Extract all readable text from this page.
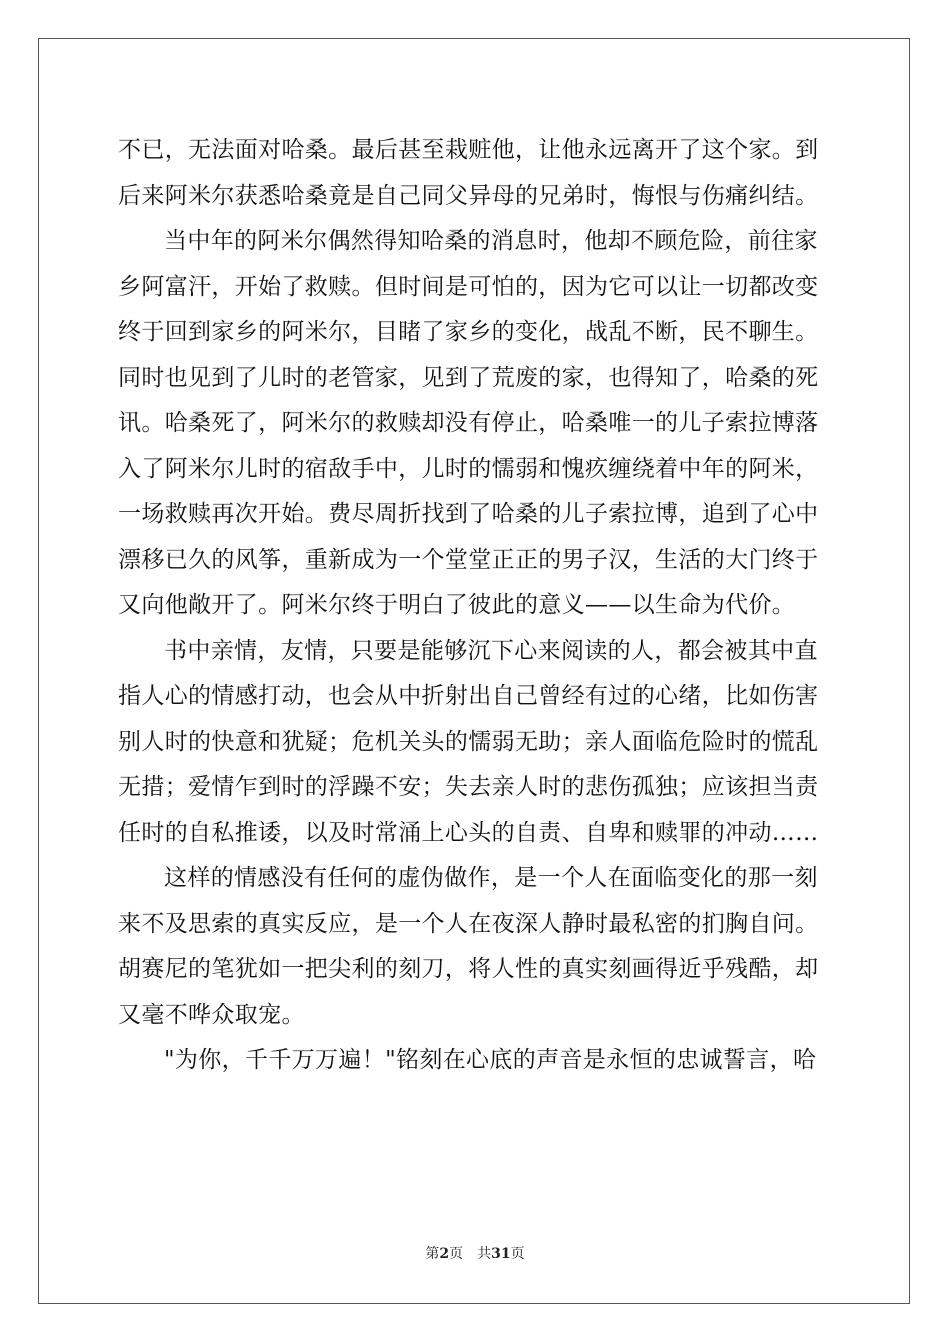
不已，无法面对哈桑。最后甚至栽赃他，让他永远离开了这个家。到
后来阿米尔获悉哈桑竟是自己同父异母的兄弟时，悔恨与伤痛纠结。
当中年的阿米尔偶然得知哈桑的消息时，他却不顾危险，前往家
乡阿富汗，开始了救赎。但时间是可怕的，因为它可以让一切都改变
终于回到家乡的阿米尔，目睹了家乡的变化，战乱不断，民不聊生。
同时也见到了儿时的老管家，见到了荒废的家，也得知了，哈桑的死
讯。哈桑死了，阿米尔的救赎却没有停止，哈桑唯一的儿子索拉博落
入了阿米尔儿时的宿敌手中，儿时的懦弱和愧疚缠绕着中年的阿米，
一场救赎再次开始。费尽周折找到了哈桑的儿子索拉博，追到了心中
漂移已久的风筝，重新成为一个堂堂正正的男子汉，生活的大门终于
又向他敞开了。阿米尔终于明白了彼此的意义——以生命为代价。
书中亲情，友情，只要是能够沉下心来阅读的人，都会被其中直
指人心的情感打动，也会从中折射出自己曾经有过的心绪，比如伤害
别人时的快意和犹疑；危机关头的懦弱无助；亲人面临危险时的慌乱
无措；爱情乍到时的浮躁不安；失去亲人时的悲伤孤独；应该担当责
任时的自私推诿，以及时常涌上心头的自责、自卑和赎罪的冲动……
这样的情感没有任何的虚伪做作，是一个人在面临变化的那一刻
来不及思索的真实反应，是一个人在夜深人静时最私密的扪胸自问。
胡赛尼的笔犹如一把尖利的刻刀，将人性的真实刻画得近乎残酷，却
又毫不哗众取宠。
"为你，千千万万遍！"铭刻在心底的声音是永恒的忠诚誓言，哈
第2页 共31页
